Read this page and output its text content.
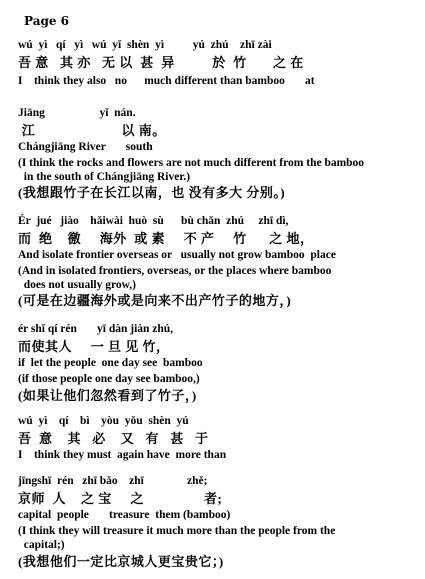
Page 6
wú  yì   qí   yì   wú  yǐ  shèn  yì          yú  zhú    zhī zài
吾 意   其 亦   无 以  甚  异          於  竹       之 在
I    think they also   no      much different than bamboo       at
Jiāng                   yǐ  nán.
江                       以 南。
Chángjiāng River       south
(I think the rocks and flowers are not much different from the bamboo
in the south of Chángjiāng River.)
(我想跟竹子在长江以南，也 没有多大 分别。)
Ér  jué   jiào    hǎiwài  huò  sù      bù chǎn  zhú     zhī dì,
而  绝    徼     海外  或 素     不 产     竹      之 地，
And isolate frontier overseas or   usually not grow bamboo  place
(And in isolated frontiers, overseas, or the places where bamboo
does not usually grow,)
(可是在边疆海外或是向来不出产竹子的地方，)
ér shǐ qí rén       yī dàn jiàn zhú,
而使其人     一 旦 见 竹，
if  let the people  one day see  bamboo
(if those people one day see bamboo,)
(如果让他们忽然看到了竹子，)
wú  yì    qí    bì    yòu  yǒu  shèn  yú
吾  意    其   必    又   有   甚   于
I    think they must  again have  more than
jīngshī  rén   zhī bǎo    zhī               zhě;
京师  人    之 宝     之                者;
capital  people       treasure  them (bamboo)
(I think they will treasure it much more than the people from the
capital;)
(我想他们一定比京城人更宝贵它；)
